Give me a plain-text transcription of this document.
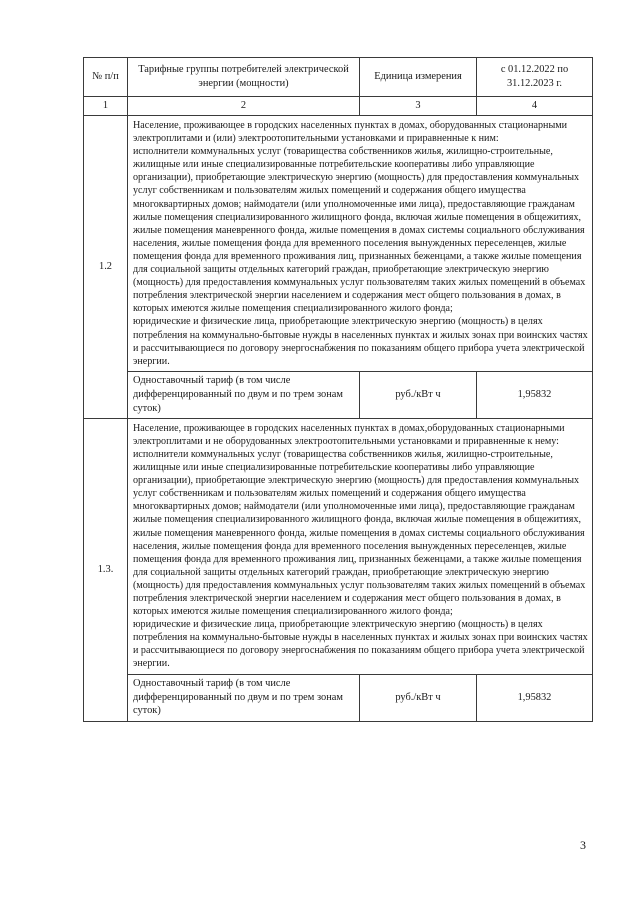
№ п/п	Тарифные группы потребителей электрической энергии (мощности)	Единица измерения	с 01.12.2022 по 31.12.2023 г.
1	2	3	4
1.2	Население, проживающее в городских населенных пунктах в домах, оборудованных стационарными электроплитами и (или) электроотопительными установками и приравненные к ним:

исполнители коммунальных услуг (товарищества собственников жилья, жилищно-строительные, жилищные или иные специализированные потребительские кооперативы либо управляющие организации), приобретающие электрическую энергию (мощность) для предоставления коммунальных услуг собственникам и пользователям жилых помещений и содержания общего имущества многоквартирных домов; наймодатели (или уполномоченные ими лица), предоставляющие гражданам жилые помещения специализированного жилищного фонда, включая жилые помещения в общежитиях, жилые помещения маневренного фонда, жилые помещения в домах системы социального обслуживания населения, жилые помещения фонда для временного поселения вынужденных переселенцев, жилые помещения фонда для временного проживания лиц, признанных беженцами, а также жилые помещения для социальной защиты отдельных категорий граждан, приобретающие электрическую энергию (мощность) для предоставления коммунальных услуг пользователям таких жилых помещений в объемах потребления электрической энергии населением и содержания мест общего пользования в домах, в которых имеются жилые помещения специализированного жилого фонда;

юридические и физические лица, приобретающие электрическую энергию (мощность) в целях потребления на коммунально-бытовые нужды в населенных пунктах и жилых зонах при воинских частях и рассчитывающиеся по договору энергоснабжения по показаниям общего прибора учета электрической энергии.		

	Одноставочный тариф (в том числе дифференцированный по двум и по трем зонам суток)	руб./кВт ч	1,95832
1.3.	Население, проживающее в городских населенных пунктах в домах,оборудованных стационарными электроплитами и не оборудованных электроотопительными установками и приравненные к нему:

исполнители коммунальных услуг (товарищества собственников жилья, жилищно-строительные, жилищные или иные специализированные потребительские кооперативы либо управляющие организации), приобретающие электрическую энергию (мощность) для предоставления коммунальных услуг собственникам и пользователям жилых помещений и содержания общего имущества многоквартирных домов; наймодатели (или уполномоченные ими лица), предоставляющие гражданам жилые помещения специализированного жилищного фонда, включая жилые помещения в общежитиях, жилые помещения маневренного фонда, жилые помещения в домах системы социального обслуживания населения, жилые помещения фонда для временного поселения вынужденных переселенцев, жилые помещения фонда для временного проживания лиц, признанных беженцами, а также жилые помещения для социальной защиты отдельных категорий граждан, приобретающие электрическую энергию (мощность) для предоставления коммунальных услуг пользователям таких жилых помещений в объемах потребления электрической энергии населением и содержания мест общего пользования в домах, в которых имеются жилые помещения специализированного жилого фонда;

юридические и физические лица, приобретающие электрическую энергию (мощность) в целях потребления на коммунально-бытовые нужды в населенных пунктах и жилых зонах при воинских частях и рассчитывающиеся по договору энергоснабжения по показаниям общего прибора учета электрической энергии.		

	Одноставочный тариф (в том числе дифференцированный по двум и по трем зонам суток)	руб./кВт ч	1,95832
3
